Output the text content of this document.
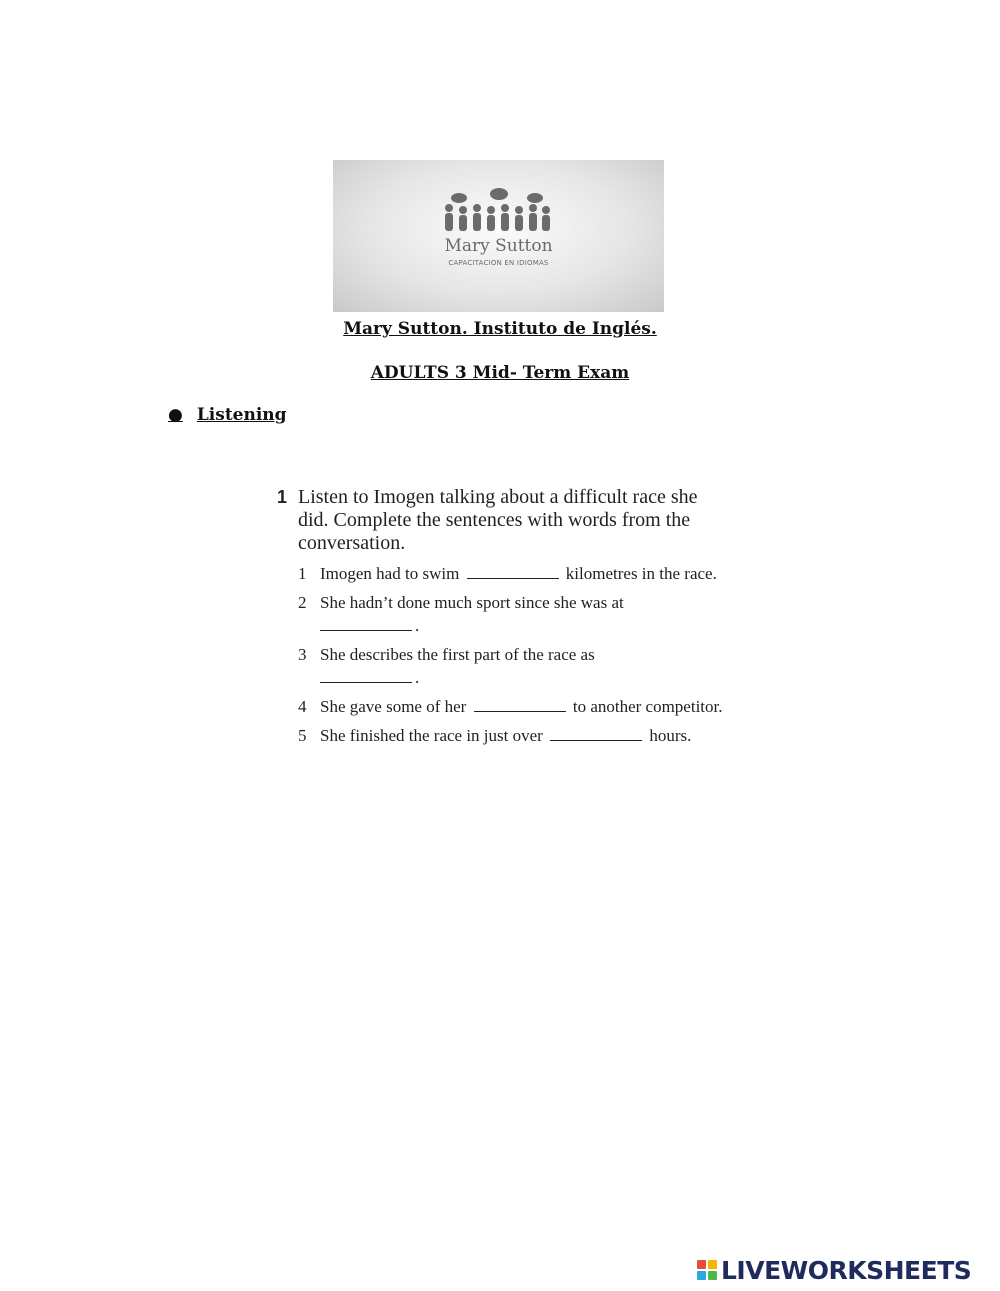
Mary Sutton
CAPACITACION EN IDIOMAS
Mary Sutton. Instituto de Inglés.
ADULTS 3 Mid- Term Exam
● Listening
1 Listen to Imogen talking about a difficult race she did. Complete the sentences with words from the conversation.
1 Imogen had to swim	kilometres in the race.
2 She hadn’t done much sport since she was at
.
3 She describes the first part of the race as
.
4 She gave some of her	to another competitor.
5 She finished the race in just over	hours.
LIVEWORKSHEETS
